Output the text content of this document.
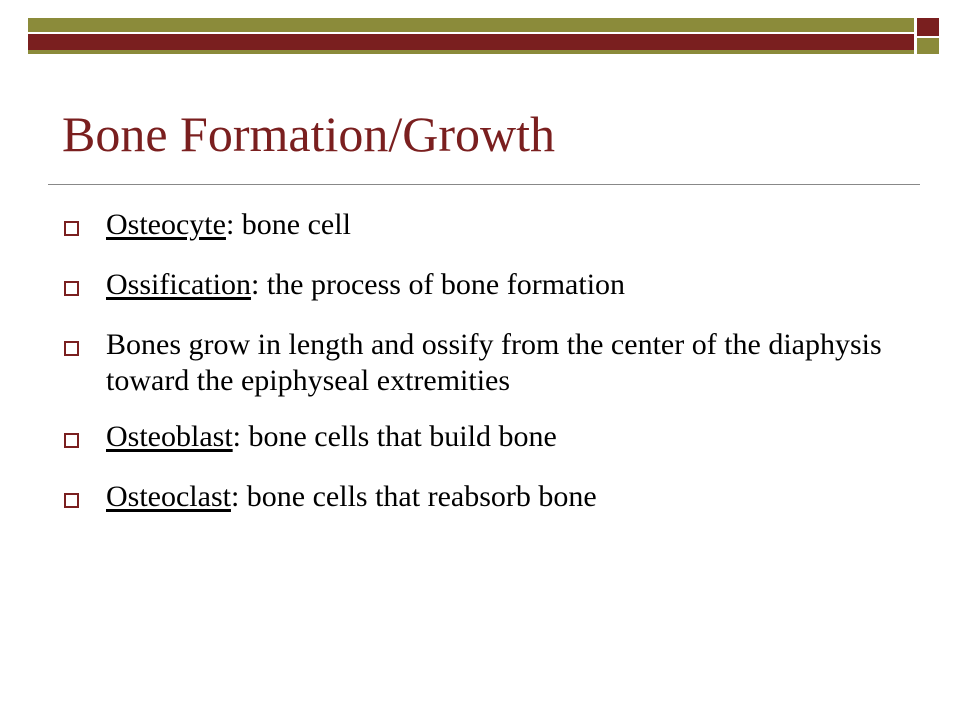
Bone Formation/Growth
Osteocyte: bone cell
Ossification: the process of bone formation
Bones grow in length and ossify from the center of the diaphysis toward the epiphyseal extremities
Osteoblast: bone cells that build bone
Osteoclast: bone cells that reabsorb bone
